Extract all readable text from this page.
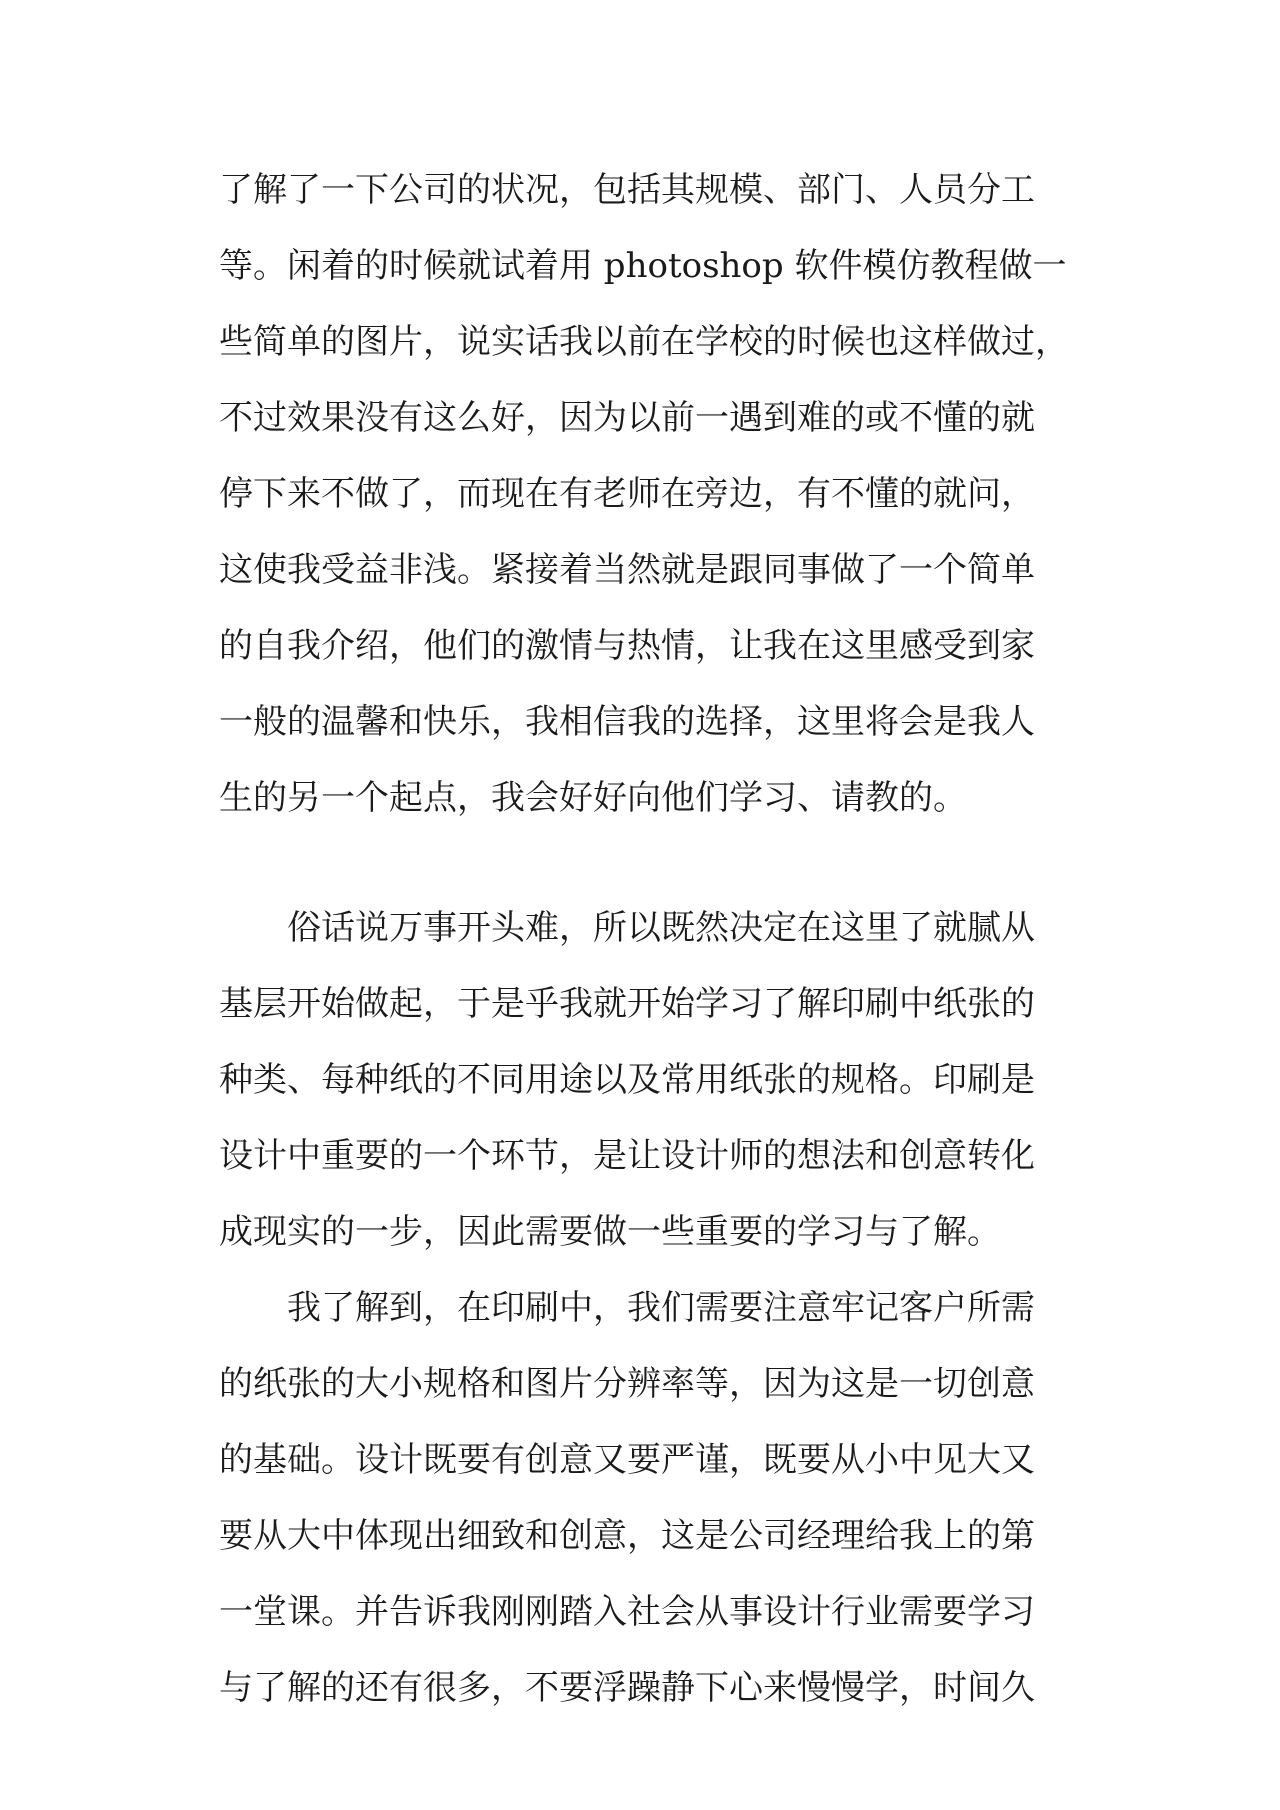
了解了一下公司的状况，包括其规模、部门、人员分工

等。闲着的时候就试着用 photoshop 软件模仿教程做一

些简单的图片，说实话我以前在学校的时候也这样做过，

不过效果没有这么好，因为以前一遇到难的或不懂的就

停下来不做了，而现在有老师在旁边，有不懂的就问，

这使我受益非浅。紧接着当然就是跟同事做了一个简单

的自我介绍，他们的激情与热情，让我在这里感受到家

一般的温馨和快乐，我相信我的选择，这里将会是我人

生的另一个起点，我会好好向他们学习、请教的。

俗话说万事开头难，所以既然决定在这里了就腻从

基层开始做起，于是乎我就开始学习了解印刷中纸张的

种类、每种纸的不同用途以及常用纸张的规格。印刷是

设计中重要的一个环节，是让设计师的想法和创意转化

成现实的一步，因此需要做一些重要的学习与了解。

我了解到，在印刷中，我们需要注意牢记客户所需

的纸张的大小规格和图片分辨率等，因为这是一切创意

的基础。设计既要有创意又要严谨，既要从小中见大又

要从大中体现出细致和创意，这是公司经理给我上的第

一堂课。并告诉我刚刚踏入社会从事设计行业需要学习

与了解的还有很多，不要浮躁静下心来慢慢学，时间久
